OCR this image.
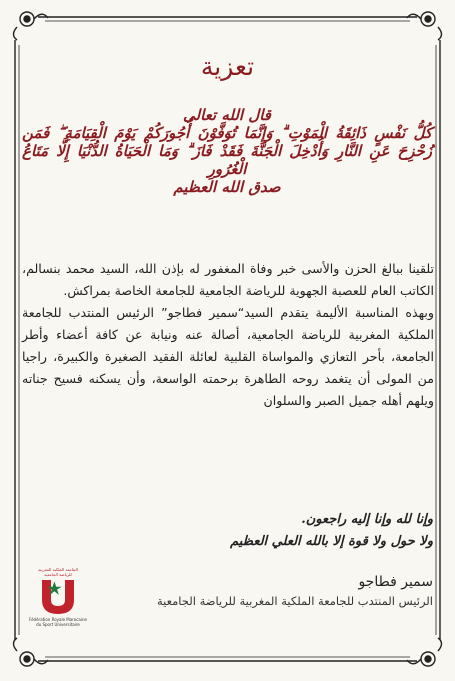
تعزية
قال الله تعالى
كُلُّ نَفْسٍ ذَائِقَةُ الْمَوْتِ ۗ وَإِنَّمَا تُوَفَّوْنَ أُجُورَكُمْ يَوْمَ الْقِيَامَةِ ۖ فَمَن زُحْزِحَ عَنِ النَّارِ وَأُدْخِلَ الْجَنَّةَ فَقَدْ فَازَ ۗ وَمَا الْحَيَاةُ الدُّنْيَا إِلَّا مَتَاعُ الْغُرُورِ
صدق الله العظيم

تلقينا ببالغ الحزن والأسى خبر وفاة المغفور له بإذن الله، السيد محمد بنسالم، الكاتب العام للعصبة الجهوية للرياضة الجامعية للجامعة الخاصة بمراكش.

وبهذه المناسبة الأليمة يتقدم السيد“سمير فطاجو” الرئيس المنتدب للجامعة الملكية المغربية للرياضة الجامعية، أصالة عنه ونيابة عن كافة أعضاء وأطر الجامعة، بأحر التعازي والمواساة القلبية لعائلة الفقيد الصغيرة والكبيرة، راجيا من المولى أن يتغمد روحه الطاهرة برحمته الواسعة، وأن يسكنه فسيح جناته ويلهم أهله جميل الصبر والسلوان

وإنا لله وإنا إليه راجعون.
ولا حول ولا قوة إلا بالله العلي العظيم
سمير فطاجو
الرئيس المنتدب للجامعة الملكية المغربية للرياضة الجامعية
الجامعة الملكية المغربية
للرياضة الجامعية
Fédération Royale Marocaine
du Sport Universitaire
